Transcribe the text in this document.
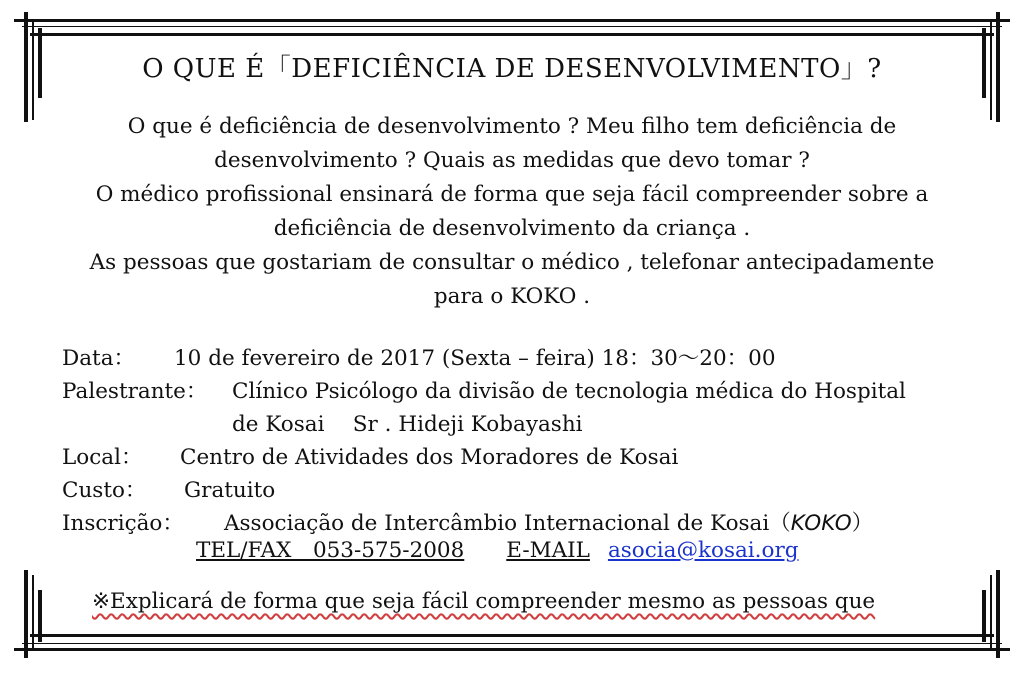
O QUE É「DEFICIÊNCIA DE DESENVOLVIMENTO」?
O que é deficiência de desenvolvimento ? Meu filho tem deficiência de
desenvolvimento ? Quais as medidas que devo tomar ?
O médico profissional ensinará de forma que seja fácil compreender sobre a
deficiência de desenvolvimento da criança .
As pessoas que gostariam de consultar o médico , telefonar antecipadamente
para o KOKO .
Data： 10 de fevereiro de 2017 (Sexta – feira) 18：30～20：00
Palestrante： Clínico Psicólogo da divisão de tecnologia médica do Hospital
de Kosai　 Sr . Hideji Kobayashi
Local： Centro de Atividades dos Moradores de Kosai
Custo： Gratuito
Inscrição： Associação de Intercâmbio Internacional de Kosai（KOKO）
TEL/FAX　053-575-2008 E-MAIL asocia@kosai.org
※Explicará de forma que seja fácil compreender mesmo as pessoas que
